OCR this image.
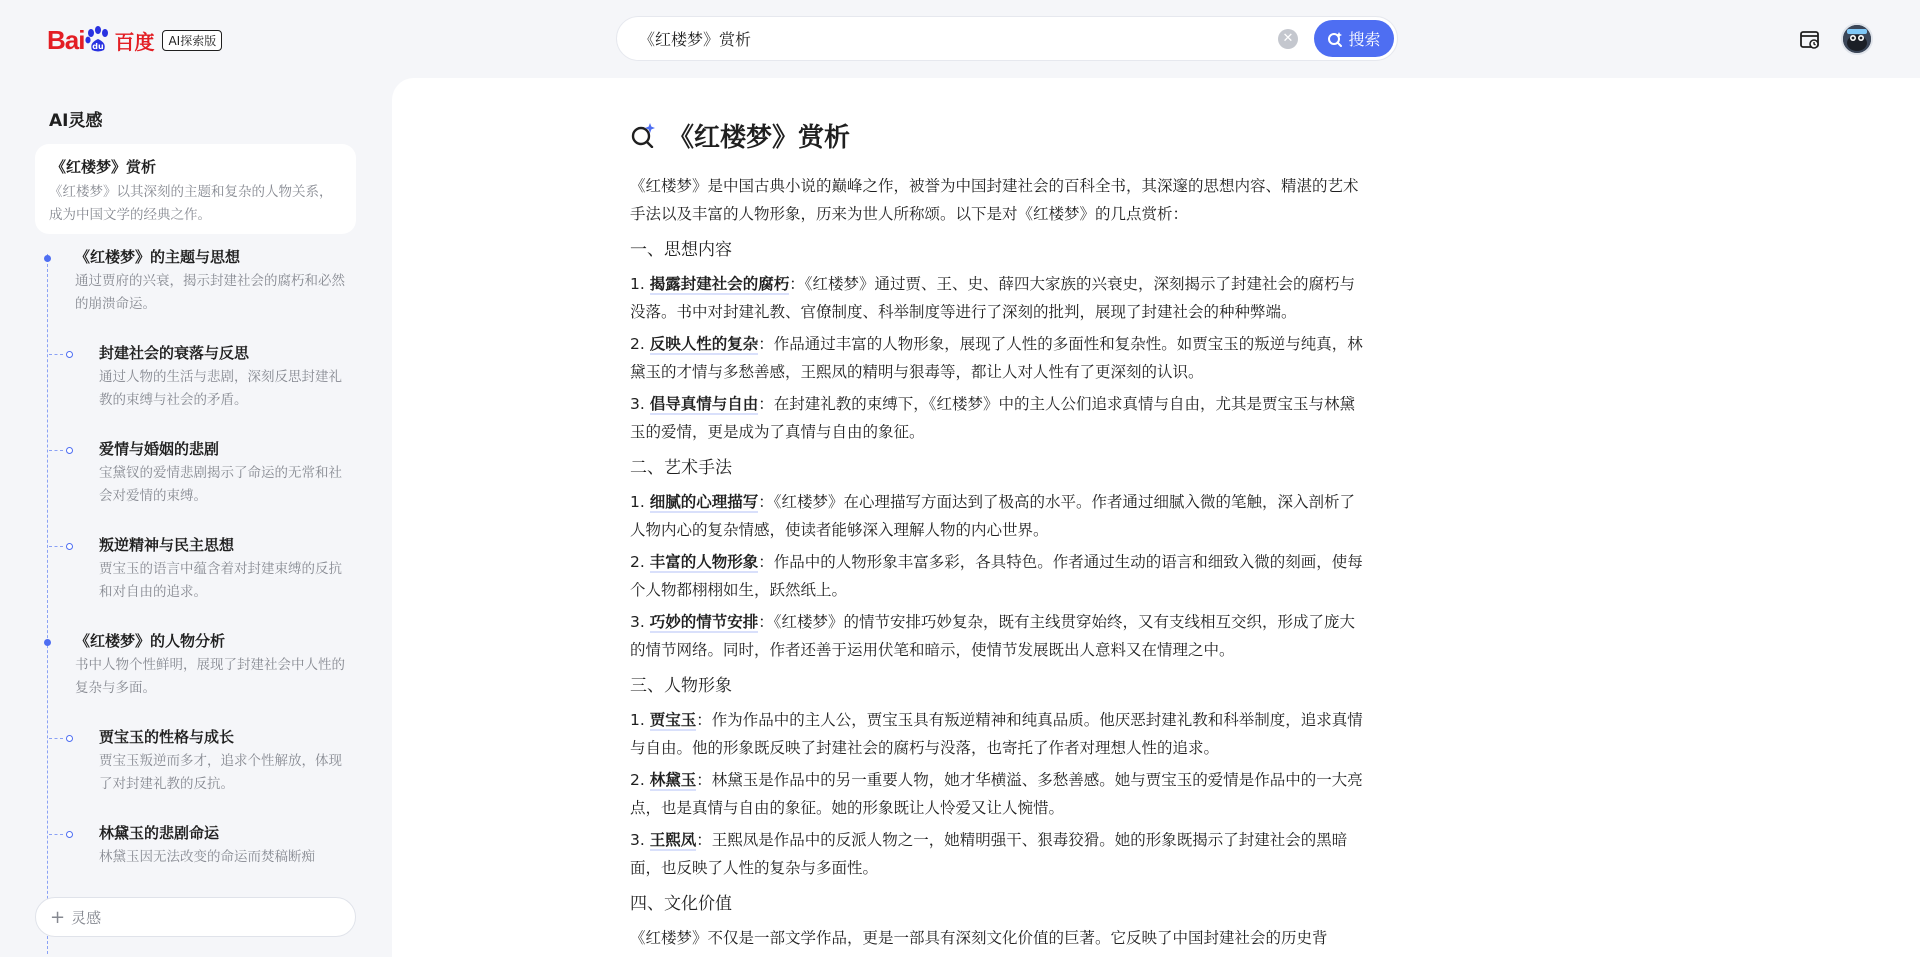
Bai du 百度	AI探索版
《红楼梦》赏析	✕	搜索
AI灵感
《红楼梦》赏析
《红楼梦》以其深刻的主题和复杂的人物关系，成为中国文学的经典之作。
《红楼梦》的主题与思想
通过贾府的兴衰，揭示封建社会的腐朽和必然的崩溃命运。
封建社会的衰落与反思
通过人物的生活与悲剧，深刻反思封建礼教的束缚与社会的矛盾。
爱情与婚姻的悲剧
宝黛钗的爱情悲剧揭示了命运的无常和社会对爱情的束缚。
叛逆精神与民主思想
贾宝玉的语言中蕴含着对封建束缚的反抗和对自由的追求。
《红楼梦》的人物分析
书中人物个性鲜明，展现了封建社会中人性的复杂与多面。
贾宝玉的性格与成长
贾宝玉叛逆而多才，追求个性解放，体现了对封建礼教的反抗。
林黛玉的悲剧命运
林黛玉因无法改变的命运而焚稿断痴
+ 灵感
《红楼梦》赏析
《红楼梦》是中国古典小说的巅峰之作，被誉为中国封建社会的百科全书，其深邃的思想内容、精湛的艺术手法以及丰富的人物形象，历来为世人所称颂。以下是对《红楼梦》的几点赏析：
一、思想内容
1. 揭露封建社会的腐朽：《红楼梦》通过贾、王、史、薛四大家族的兴衰史，深刻揭示了封建社会的腐朽与没落。书中对封建礼教、官僚制度、科举制度等进行了深刻的批判，展现了封建社会的种种弊端。
2. 反映人性的复杂：作品通过丰富的人物形象，展现了人性的多面性和复杂性。如贾宝玉的叛逆与纯真，林黛玉的才情与多愁善感，王熙凤的精明与狠毒等，都让人对人性有了更深刻的认识。
3. 倡导真情与自由：在封建礼教的束缚下，《红楼梦》中的主人公们追求真情与自由，尤其是贾宝玉与林黛玉的爱情，更是成为了真情与自由的象征。
二、艺术手法
1. 细腻的心理描写：《红楼梦》在心理描写方面达到了极高的水平。作者通过细腻入微的笔触，深入剖析了人物内心的复杂情感，使读者能够深入理解人物的内心世界。
2. 丰富的人物形象：作品中的人物形象丰富多彩，各具特色。作者通过生动的语言和细致入微的刻画，使每个人物都栩栩如生，跃然纸上。
3. 巧妙的情节安排：《红楼梦》的情节安排巧妙复杂，既有主线贯穿始终，又有支线相互交织，形成了庞大的情节网络。同时，作者还善于运用伏笔和暗示，使情节发展既出人意料又在情理之中。
三、人物形象
1. 贾宝玉：作为作品中的主人公，贾宝玉具有叛逆精神和纯真品质。他厌恶封建礼教和科举制度，追求真情与自由。他的形象既反映了封建社会的腐朽与没落，也寄托了作者对理想人性的追求。
2. 林黛玉：林黛玉是作品中的另一重要人物，她才华横溢、多愁善感。她与贾宝玉的爱情是作品中的一大亮点，也是真情与自由的象征。她的形象既让人怜爱又让人惋惜。
3. 王熙凤：王熙凤是作品中的反派人物之一，她精明强干、狠毒狡猾。她的形象既揭示了封建社会的黑暗面，也反映了人性的复杂与多面性。
四、文化价值
《红楼梦》不仅是一部文学作品，更是一部具有深刻文化价值的巨著。它反映了中国封建社会的历史背
